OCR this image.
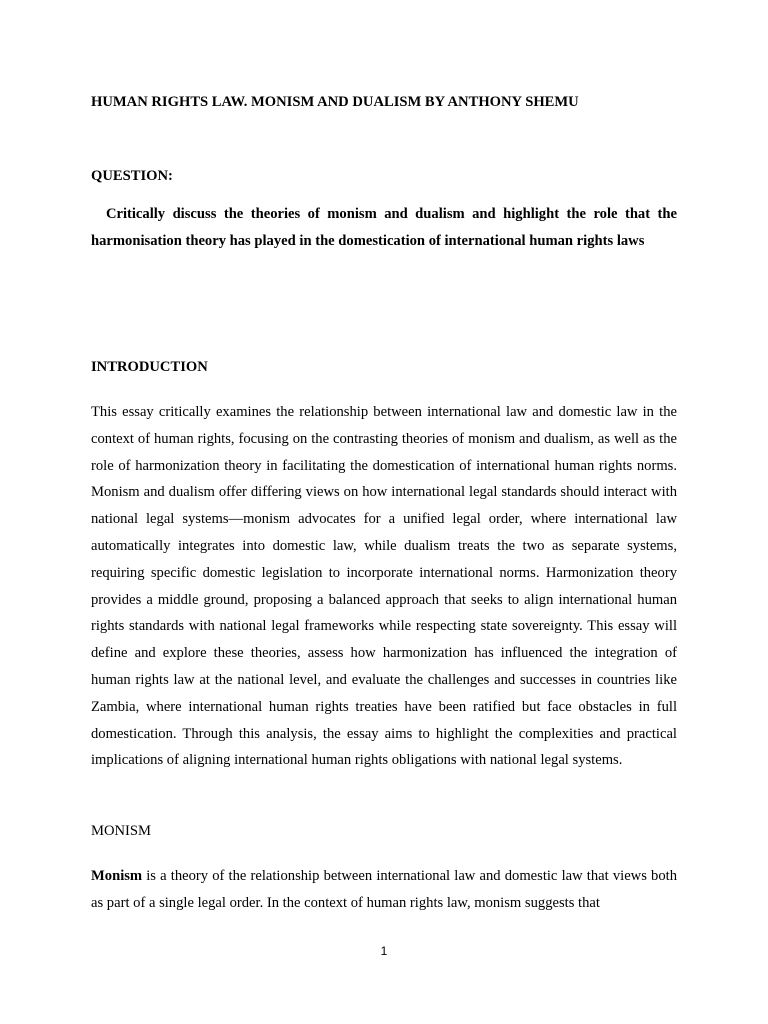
HUMAN RIGHTS LAW. MONISM AND DUALISM BY ANTHONY SHEMU

QUESTION:

Critically discuss the theories of monism and dualism and highlight the role that the harmonisation theory has played in the domestication of international human rights laws

INTRODUCTION

This essay critically examines the relationship between international law and domestic law in the context of human rights, focusing on the contrasting theories of monism and dualism, as well as the role of harmonization theory in facilitating the domestication of international human rights norms. Monism and dualism offer differing views on how international legal standards should interact with national legal systems—monism advocates for a unified legal order, where international law automatically integrates into domestic law, while dualism treats the two as separate systems, requiring specific domestic legislation to incorporate international norms. Harmonization theory provides a middle ground, proposing a balanced approach that seeks to align international human rights standards with national legal frameworks while respecting state sovereignty. This essay will define and explore these theories, assess how harmonization has influenced the integration of human rights law at the national level, and evaluate the challenges and successes in countries like Zambia, where international human rights treaties have been ratified but face obstacles in full domestication. Through this analysis, the essay aims to highlight the complexities and practical implications of aligning international human rights obligations with national legal systems.

MONISM

Monism is a theory of the relationship between international law and domestic law that views both as part of a single legal order. In the context of human rights law, monism suggests that

1
